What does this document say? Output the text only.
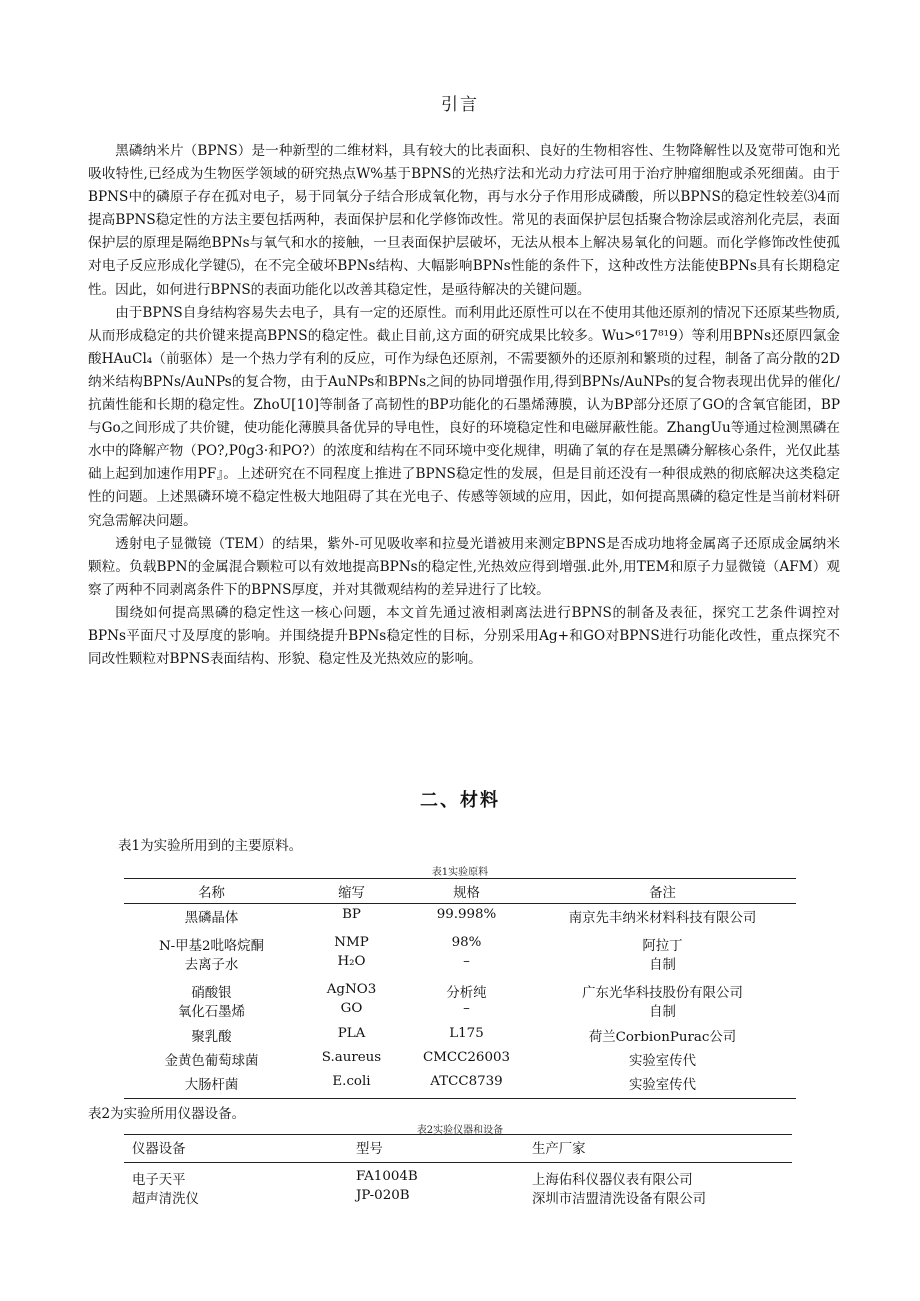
引言

黑磷纳米片（BPNS）是一种新型的二维材料，具有较大的比表面积、良好的生物相容性、生物降解性以及宽带可饱和光吸收特性,已经成为生物医学领域的研究热点W%基于BPNS的光热疗法和光动力疗法可用于治疗肿瘤细胞或杀死细菌。由于BPNS中的磷原子存在孤对电子，易于同氧分子结合形成氧化物，再与水分子作用形成磷酸，所以BPNS的稳定性较差⑶4而提高BPNS稳定性的方法主要包括两种，表面保护层和化学修饰改性。常见的表面保护层包括聚合物涂层或溶剂化壳层，表面保护层的原理是隔绝BPNs与氧气和水的接触，一旦表面保护层破坏，无法从根本上解决易氧化的问题。而化学修饰改性使孤对电子反应形成化学键⑸，在不完全破坏BPNs结构、大幅影响BPNs性能的条件下，这种改性方法能使BPNs具有长期稳定性。因此，如何进行BPNS的表面功能化以改善其稳定性，是亟待解决的关键问题。

由于BPNS自身结构容易失去电子，具有一定的还原性。而利用此还原性可以在不使用其他还原剂的情况下还原某些物质,从而形成稳定的共价键来提高BPNS的稳定性。截止目前,这方面的研究成果比较多。Wu>⁶17⁸¹9）等利用BPNs还原四氯金酸HAuCl₄（前驱体）是一个热力学有利的反应，可作为绿色还原剂，不需要额外的还原剂和繁琐的过程，制备了高分散的2D纳米结构BPNs/AuNPs的复合物，由于AuNPs和BPNs之间的协同增强作用,得到BPNs/AuNPs的复合物表现出优异的催化/抗菌性能和长期的稳定性。ZhoU[10]等制备了高韧性的BP功能化的石墨烯薄膜，认为BP部分还原了GO的含氧官能团，BP与Go之间形成了共价键，使功能化薄膜具备优异的导电性，良好的环境稳定性和电磁屏蔽性能。ZhangUu等通过检测黑磷在水中的降解产物（PO?,P0g3·和PO?）的浓度和结构在不同环境中变化规律，明确了氧的存在是黑磷分解核心条件，光仅此基础上起到加速作用PF』。上述研究在不同程度上推进了BPNS稳定性的发展，但是目前还没有一种很成熟的彻底解决这类稳定性的问题。上述黑磷环境不稳定性极大地阻碍了其在光电子、传感等领域的应用，因此，如何提高黑磷的稳定性是当前材料研究急需解决问题。

透射电子显微镜（TEM）的结果，紫外-可见吸收率和拉曼光谱被用来测定BPNS是否成功地将金属离子还原成金属纳米颗粒。负载BPN的金属混合颗粒可以有效地提高BPNs的稳定性,光热效应得到增强.此外,用TEM和原子力显微镜（AFM）观察了两种不同剥离条件下的BPNS厚度，并对其微观结构的差异进行了比较。

围绕如何提高黑磷的稳定性这一核心问题，本文首先通过液相剥离法进行BPNS的制备及表征，探究工艺条件调控对BPNs平面尺寸及厚度的影响。并围绕提升BPNs稳定性的目标，分别采用Ag+和GO对BPNS进行功能化改性，重点探究不同改性颗粒对BPNS表面结构、形貌、稳定性及光热效应的影响。

二、材料
表1为实验所用到的主要原料。
表1实验原料
名称	缩写	规格	备注
黑磷晶体	BP	99.998%	南京先丰纳米材料科技有限公司
N-甲基2吡咯烷酮	NMP	98%	阿拉丁
去离子水	H₂O	–	自制
硝酸银	AgNO3	分析纯	广东光华科技股份有限公司
氧化石墨烯	GO	–	自制
聚乳酸	PLA	L175	荷兰CorbionPurac公司
金黄色葡萄球菌	S.aureus	CMCC26003	实验室传代
大肠杆菌	E.coli	ATCC8739	实验室传代
表2为实验所用仪器设备。
表2实验仪器和设备
仪器设备	型号	生产厂家
电子天平	FA1004B	上海佑科仪器仪表有限公司
超声清洗仪	JP-020B	深圳市洁盟清洗设备有限公司
